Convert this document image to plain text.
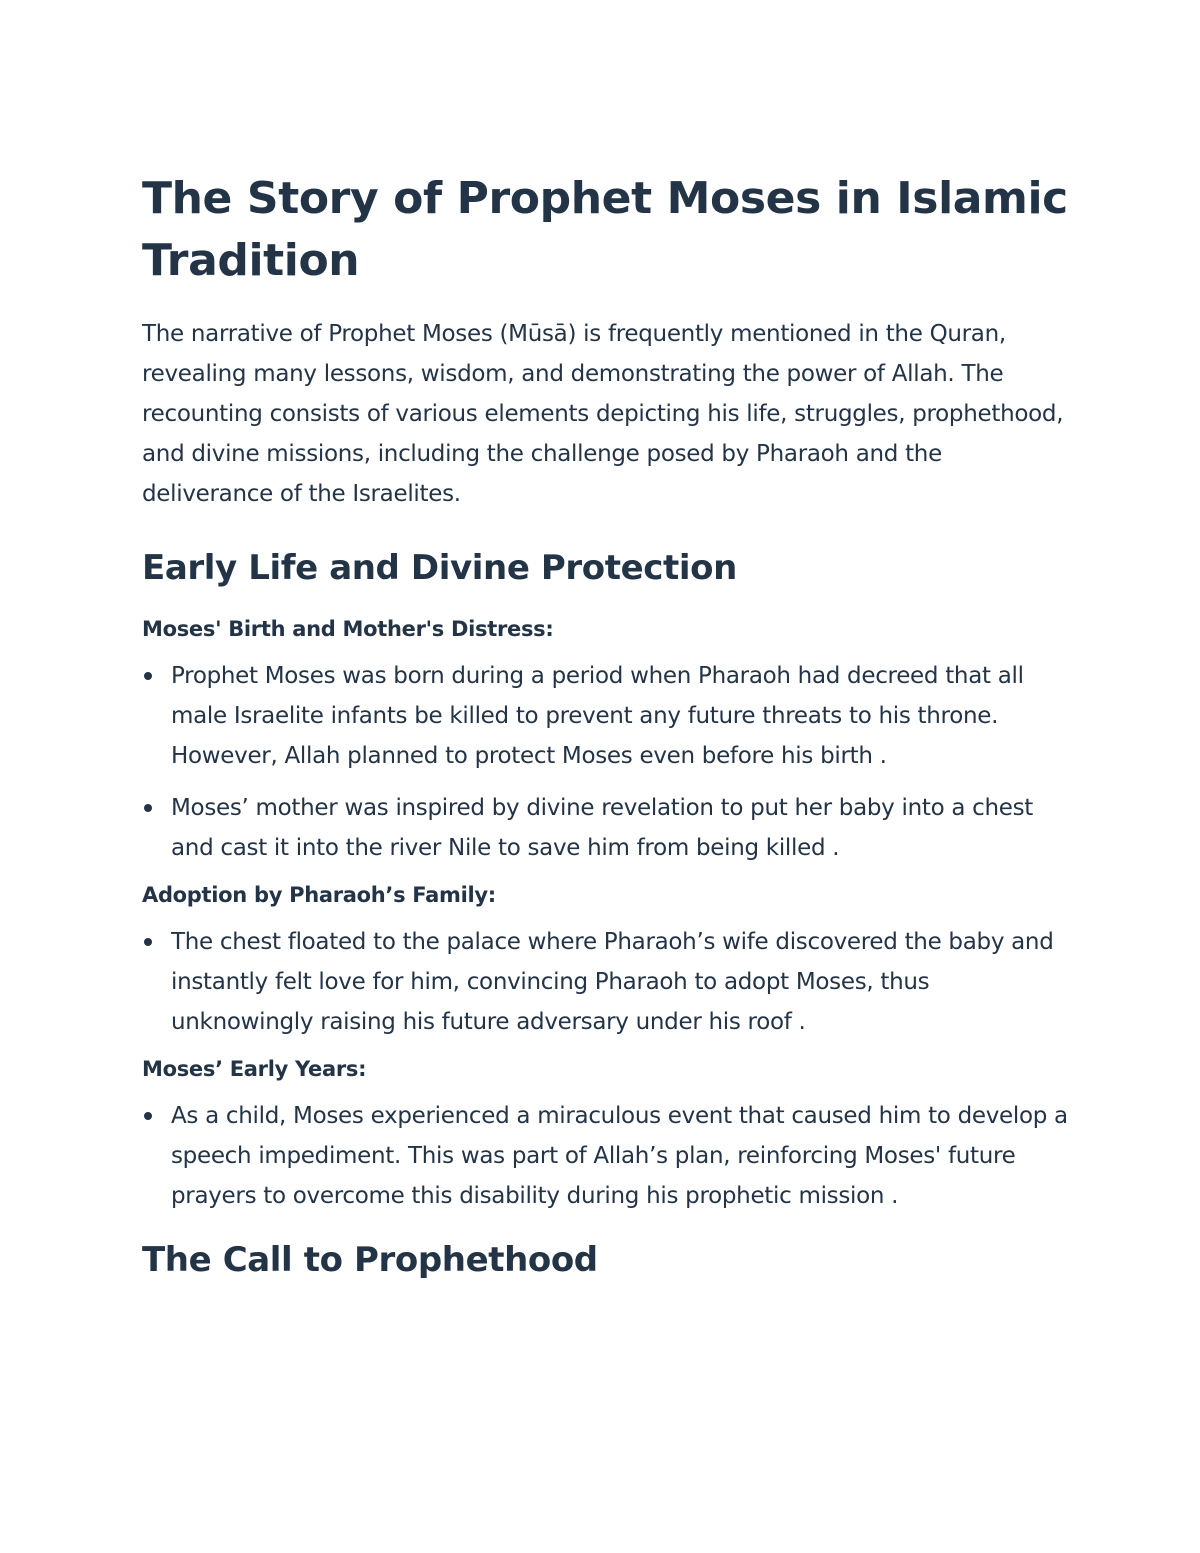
The Story of Prophet Moses in Islamic Tradition

The narrative of Prophet Moses (Mūsā) is frequently mentioned in the Quran, revealing many lessons, wisdom, and demonstrating the power of Allah. The recounting consists of various elements depicting his life, struggles, prophethood, and divine missions, including the challenge posed by Pharaoh and the deliverance of the Israelites.

Early Life and Divine Protection
Moses' Birth and Mother's Distress:
Prophet Moses was born during a period when Pharaoh had decreed that all male Israelite infants be killed to prevent any future threats to his throne. However, Allah planned to protect Moses even before his birth .
Moses’ mother was inspired by divine revelation to put her baby into a chest and cast it into the river Nile to save him from being killed .
Adoption by Pharaoh’s Family:
The chest floated to the palace where Pharaoh’s wife discovered the baby and instantly felt love for him, convincing Pharaoh to adopt Moses, thus unknowingly raising his future adversary under his roof .
Moses’ Early Years:
As a child, Moses experienced a miraculous event that caused him to develop a speech impediment. This was part of Allah’s plan, reinforcing Moses' future prayers to overcome this disability during his prophetic mission .
The Call to Prophethood
